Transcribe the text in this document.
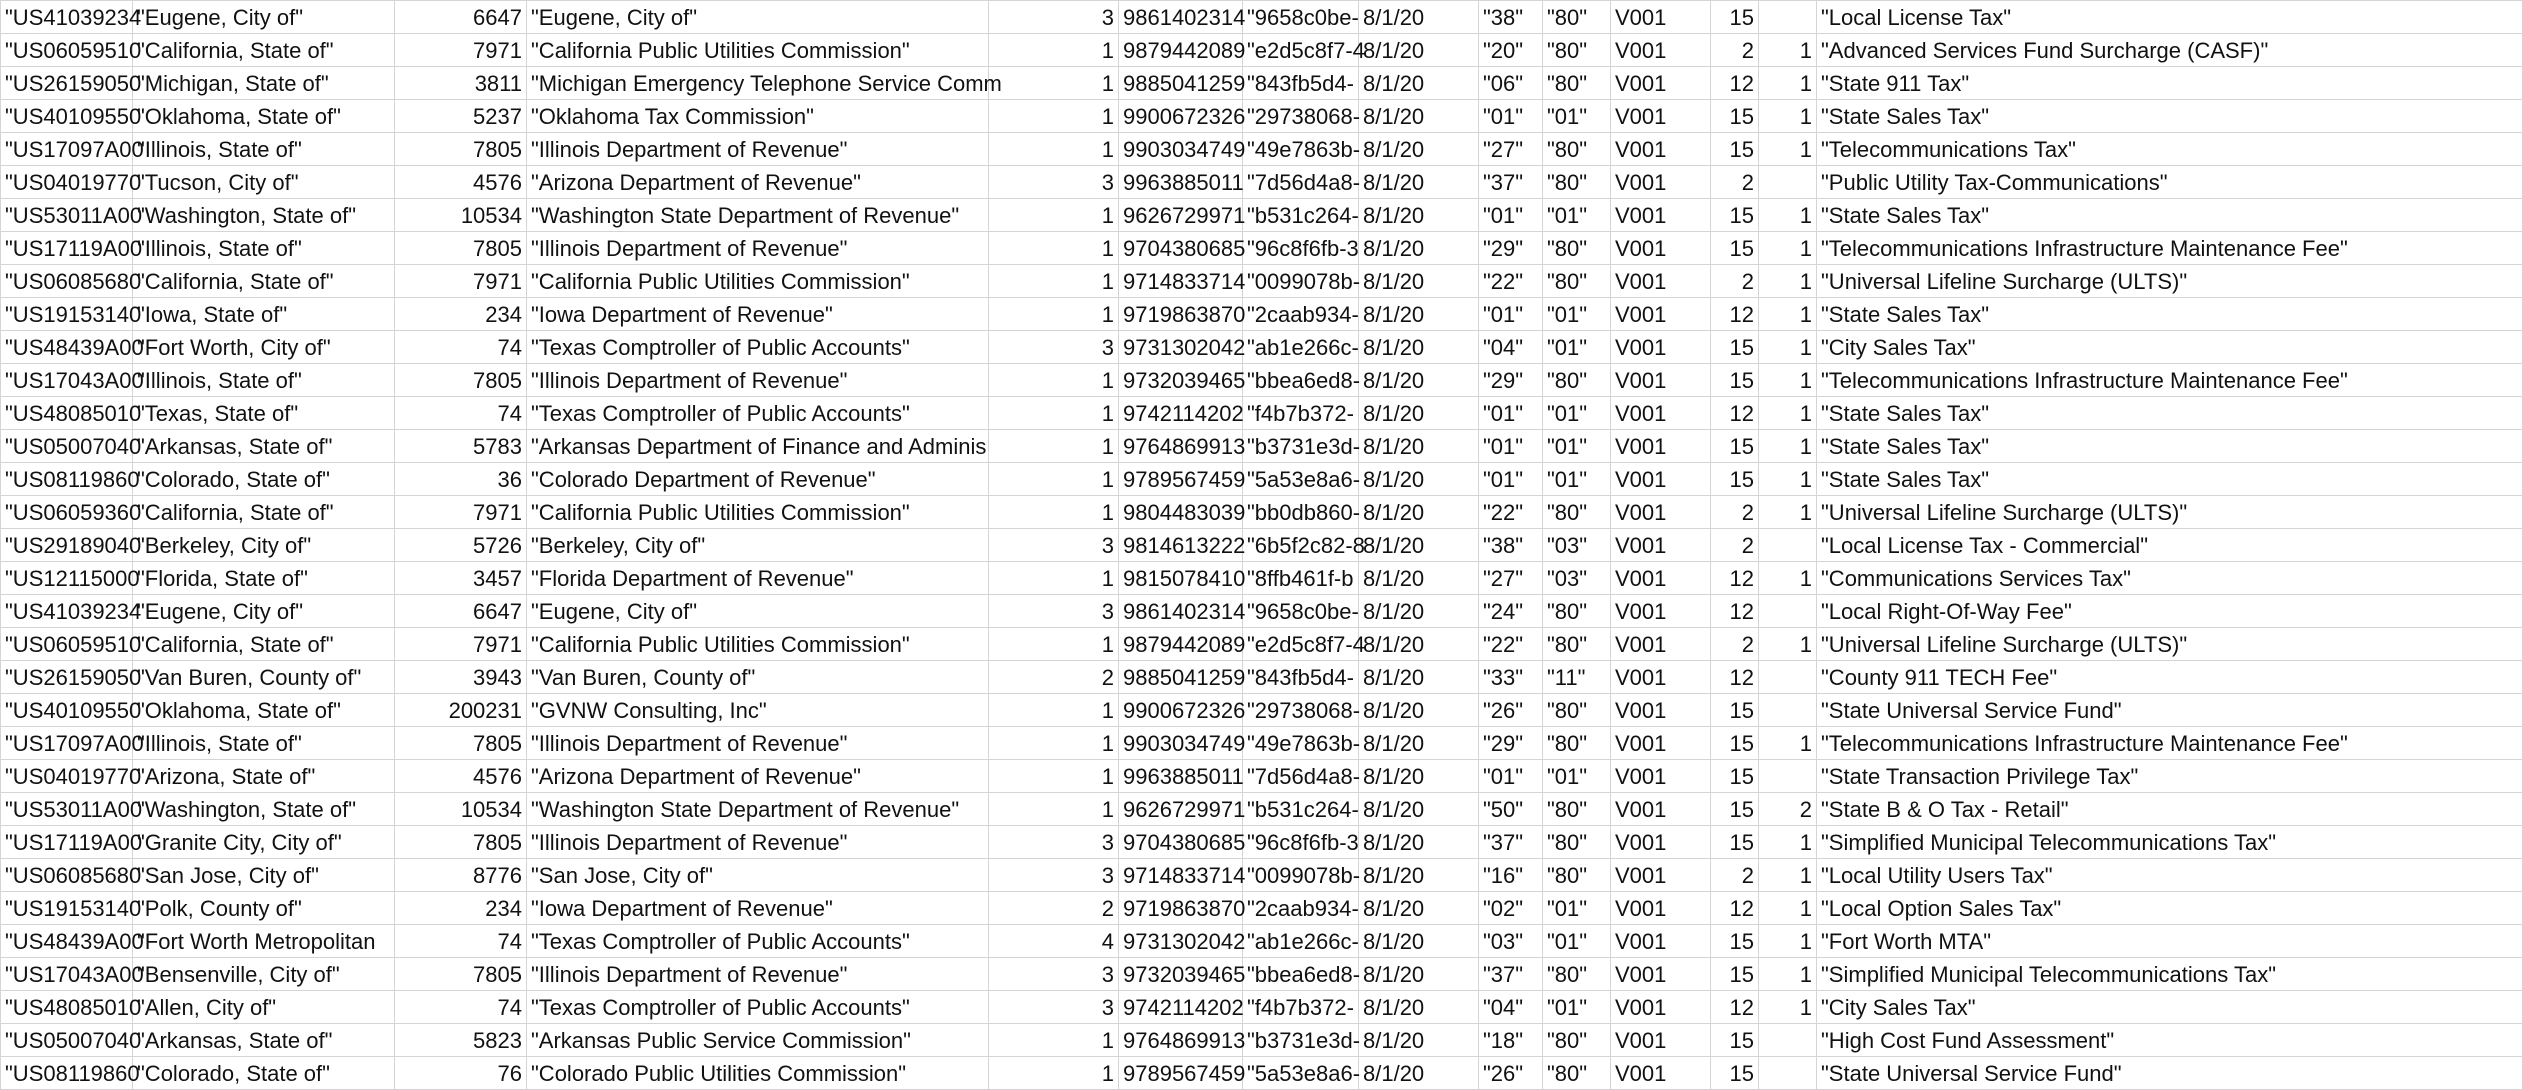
"US41039234	"Eugene, City of"	6647	"Eugene, City of"	3	9861402314	"9658c0be-	8/1/20	"38"	"80"	V001	15		"Local License Tax"
"US06059510	"California, State of"	7971	"California Public Utilities Commission"	1	9879442089	"e2d5c8f7-4	8/1/20	"20"	"80"	V001	2	1	"Advanced Services Fund Surcharge (CASF)"
"US26159050	"Michigan, State of"	3811	"Michigan Emergency Telephone Service Comm	1	9885041259	"843fb5d4-	8/1/20	"06"	"80"	V001	12	1	"State 911 Tax"
"US40109550	"Oklahoma, State of"	5237	"Oklahoma Tax Commission"	1	9900672326	"29738068-	8/1/20	"01"	"01"	V001	15	1	"State Sales Tax"
"US17097A00	"Illinois, State of"	7805	"Illinois Department of Revenue"	1	9903034749	"49e7863b-	8/1/20	"27"	"80"	V001	15	1	"Telecommunications Tax"
"US04019770	"Tucson, City of"	4576	"Arizona Department of Revenue"	3	9963885011	"7d56d4a8-	8/1/20	"37"	"80"	V001	2		"Public Utility Tax-Communications"
"US53011A00	"Washington, State of"	10534	"Washington State Department of Revenue"	1	9626729971	"b531c264-	8/1/20	"01"	"01"	V001	15	1	"State Sales Tax"
"US17119A00	"Illinois, State of"	7805	"Illinois Department of Revenue"	1	9704380685	"96c8f6fb-3	8/1/20	"29"	"80"	V001	15	1	"Telecommunications Infrastructure Maintenance Fee"
"US06085680	"California, State of"	7971	"California Public Utilities Commission"	1	9714833714	"0099078b-	8/1/20	"22"	"80"	V001	2	1	"Universal Lifeline Surcharge (ULTS)"
"US19153140	"Iowa, State of"	234	"Iowa Department of Revenue"	1	9719863870	"2caab934-	8/1/20	"01"	"01"	V001	12	1	"State Sales Tax"
"US48439A00	"Fort Worth, City of"	74	"Texas Comptroller of Public Accounts"	3	9731302042	"ab1e266c-	8/1/20	"04"	"01"	V001	15	1	"City Sales Tax"
"US17043A00	"Illinois, State of"	7805	"Illinois Department of Revenue"	1	9732039465	"bbea6ed8-	8/1/20	"29"	"80"	V001	15	1	"Telecommunications Infrastructure Maintenance Fee"
"US48085010	"Texas, State of"	74	"Texas Comptroller of Public Accounts"	1	9742114202	"f4b7b372-	8/1/20	"01"	"01"	V001	12	1	"State Sales Tax"
"US05007040	"Arkansas, State of"	5783	"Arkansas Department of Finance and Adminis	1	9764869913	"b3731e3d-	8/1/20	"01"	"01"	V001	15	1	"State Sales Tax"
"US08119860	"Colorado, State of"	36	"Colorado Department of Revenue"	1	9789567459	"5a53e8a6-	8/1/20	"01"	"01"	V001	15	1	"State Sales Tax"
"US06059360	"California, State of"	7971	"California Public Utilities Commission"	1	9804483039	"bb0db860-	8/1/20	"22"	"80"	V001	2	1	"Universal Lifeline Surcharge (ULTS)"
"US29189040	"Berkeley, City of"	5726	"Berkeley, City of"	3	9814613222	"6b5f2c82-8	8/1/20	"38"	"03"	V001	2		"Local License Tax - Commercial"
"US12115000	"Florida, State of"	3457	"Florida Department of Revenue"	1	9815078410	"8ffb461f-b	8/1/20	"27"	"03"	V001	12	1	"Communications Services Tax"
"US41039234	"Eugene, City of"	6647	"Eugene, City of"	3	9861402314	"9658c0be-	8/1/20	"24"	"80"	V001	12		"Local Right-Of-Way Fee"
"US06059510	"California, State of"	7971	"California Public Utilities Commission"	1	9879442089	"e2d5c8f7-4	8/1/20	"22"	"80"	V001	2	1	"Universal Lifeline Surcharge (ULTS)"
"US26159050	"Van Buren, County of"	3943	"Van Buren, County of"	2	9885041259	"843fb5d4-	8/1/20	"33"	"11"	V001	12		"County 911 TECH Fee"
"US40109550	"Oklahoma, State of"	200231	"GVNW Consulting, Inc"	1	9900672326	"29738068-	8/1/20	"26"	"80"	V001	15		"State Universal Service Fund"
"US17097A00	"Illinois, State of"	7805	"Illinois Department of Revenue"	1	9903034749	"49e7863b-	8/1/20	"29"	"80"	V001	15	1	"Telecommunications Infrastructure Maintenance Fee"
"US04019770	"Arizona, State of"	4576	"Arizona Department of Revenue"	1	9963885011	"7d56d4a8-	8/1/20	"01"	"01"	V001	15		"State Transaction Privilege Tax"
"US53011A00	"Washington, State of"	10534	"Washington State Department of Revenue"	1	9626729971	"b531c264-	8/1/20	"50"	"80"	V001	15	2	"State B & O Tax - Retail"
"US17119A00	"Granite City, City of"	7805	"Illinois Department of Revenue"	3	9704380685	"96c8f6fb-3	8/1/20	"37"	"80"	V001	15	1	"Simplified Municipal Telecommunications Tax"
"US06085680	"San Jose, City of"	8776	"San Jose, City of"	3	9714833714	"0099078b-	8/1/20	"16"	"80"	V001	2	1	"Local Utility Users Tax"
"US19153140	"Polk, County of"	234	"Iowa Department of Revenue"	2	9719863870	"2caab934-	8/1/20	"02"	"01"	V001	12	1	"Local Option Sales Tax"
"US48439A00	"Fort Worth Metropolitan	74	"Texas Comptroller of Public Accounts"	4	9731302042	"ab1e266c-	8/1/20	"03"	"01"	V001	15	1	"Fort Worth MTA"
"US17043A00	"Bensenville, City of"	7805	"Illinois Department of Revenue"	3	9732039465	"bbea6ed8-	8/1/20	"37"	"80"	V001	15	1	"Simplified Municipal Telecommunications Tax"
"US48085010	"Allen, City of"	74	"Texas Comptroller of Public Accounts"	3	9742114202	"f4b7b372-	8/1/20	"04"	"01"	V001	12	1	"City Sales Tax"
"US05007040	"Arkansas, State of"	5823	"Arkansas Public Service Commission"	1	9764869913	"b3731e3d-	8/1/20	"18"	"80"	V001	15		"High Cost Fund Assessment"
"US08119860	"Colorado, State of"	76	"Colorado Public Utilities Commission"	1	9789567459	"5a53e8a6-	8/1/20	"26"	"80"	V001	15		"State Universal Service Fund"
